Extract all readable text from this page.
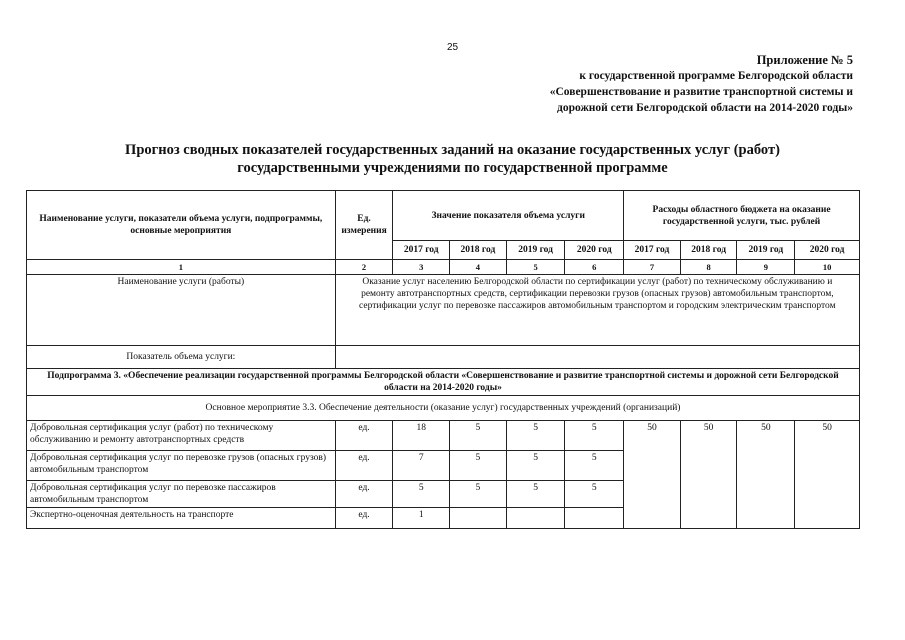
25
Приложение № 5
к государственной программе Белгородской области
«Совершенствование и развитие транспортной системы и
дорожной сети Белгородской области на 2014-2020 годы»
Прогноз сводных показателей государственных заданий на оказание государственных услуг (работ)
государственными учреждениями по государственной программе
Наименование услуги, показатели объема услуги, подпрограммы, основные мероприятия	Ед. измерения	Значение показателя объема услуги				Расходы областного бюджета на оказание государственной услуги, тыс. рублей			
		2017 год	2018 год	2019 год	2020 год	2017 год	2018 год	2019 год	2020 год
1	2	3	4	5	6	7	8	9	10
Наименование услуги (работы)	Оказание услуг населению Белгородской области по сертификации услуг (работ) по техническому обслуживанию и ремонту автотранспортных средств, сертификации перевозки грузов (опасных грузов) автомобильным транспортом, сертификации услуг по перевозке пассажиров автомобильным транспортом и городским электрическим транспортом								
Показатель объема услуги:									
Подпрограмма 3. «Обеспечение реализации государственной программы Белгородской области «Совершенствование и развитие транспортной системы и дорожной сети Белгородской области на 2014-2020 годы»									
Основное мероприятие 3.3. Обеспечение деятельности (оказание услуг) государственных учреждений (организаций)									
Добровольная сертификация услуг (работ) по техническому обслуживанию и ремонту автотранспортных средств	ед.	18	5	5	5	50	50	50	50
Добровольная сертификация услуг по перевозке грузов (опасных грузов) автомобильным транспортом	ед.	7	5	5	5				
Добровольная сертификация услуг по перевозке пассажиров автомобильным транспортом	ед.	5	5	5	5				
Экспертно-оценочная деятельность на транспорте	ед.	1							
